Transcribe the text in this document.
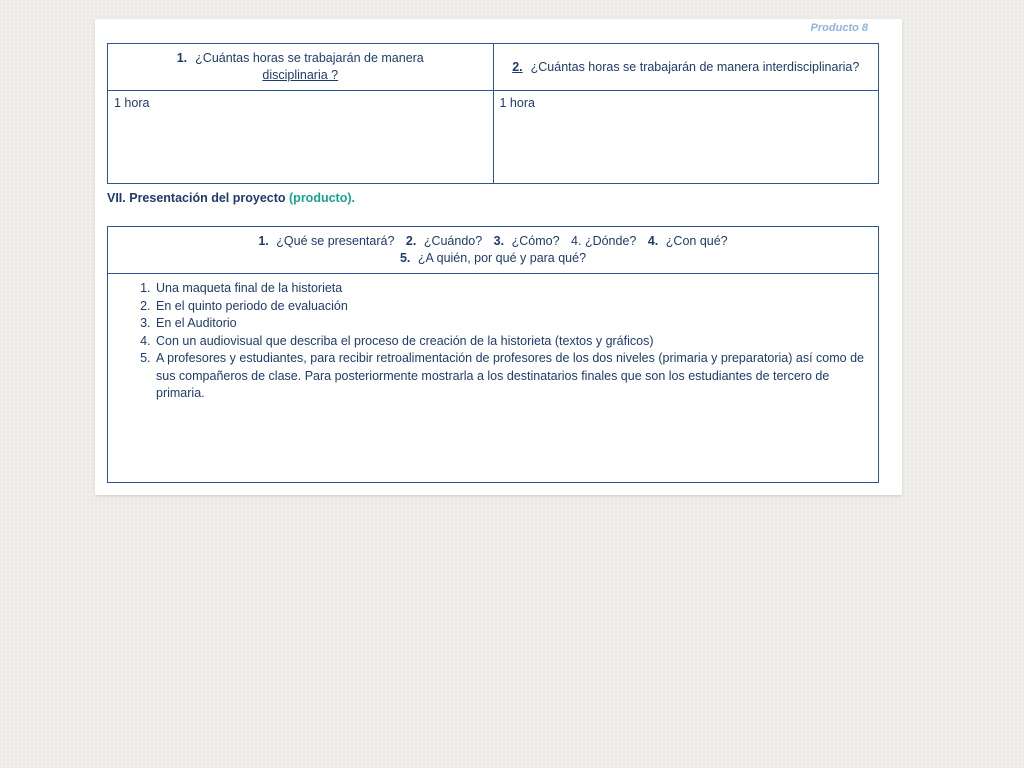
Producto 8
1. ¿Cuántas horas se trabajarán de manera
disciplinaria ?	2. ¿Cuántas horas se trabajarán de manera interdisciplinaria?
1 hora	1 hora
VII. Presentación del proyecto (producto).
1. ¿Qué se presentará? 2. ¿Cuándo? 3. ¿Cómo? 4. ¿Dónde? 4. ¿Con qué?
5. ¿A quién, por qué y para qué?

1. Una maqueta final de la historieta
2. En el quinto periodo de evaluación
3. En el Auditorio
4. Con un audiovisual que describa el proceso de creación de la historieta (textos y gráficos)
5. A profesores y estudiantes, para recibir retroalimentación de profesores de los dos niveles (primaria y preparatoria) así como de sus compañeros de clase. Para posteriormente mostrarla a los destinatarios finales que son los estudiantes de tercero de primaria.
